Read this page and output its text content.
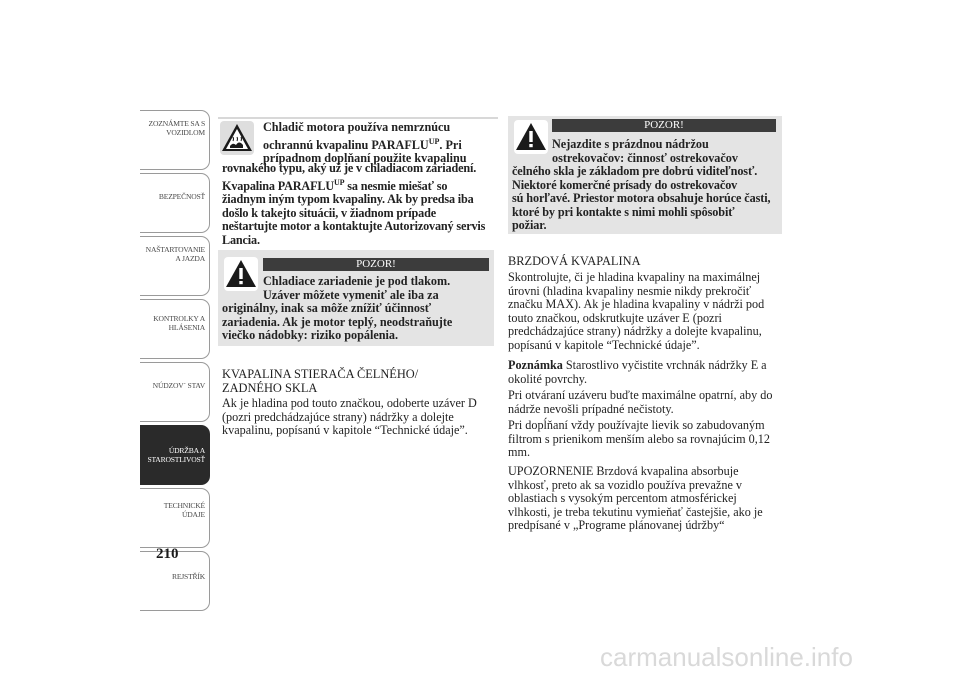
ZOZNÁMTE SA S
VOZIDLOM
BEZPEČNOSŤ
NAŠTARTOVANIE
A JAZDA
KONTROLKY A
HLÁSENIA
NÚDZOV´ STAV
ÚDRŽBA A
STAROSTLIVOSŤ
TECHNICKÉ
ÚDAJE
REJSTŘÍK
210
Chladič motora používa nemrznúcu
ochrannú kvapalinu $PARAFLU^{UP}$. Pri
prípadnom doplňaní použite kvapalinu
rovnakého typu, aký už je v chladiacom zariadení.
Kvapalina $PARAFLU^{UP}$ sa nesmie miešať so
žiadnym iným typom kvapaliny. Ak by predsa iba
došlo k takejto situácii, v žiadnom prípade
neštartujte motor a kontaktujte Autorizovaný servis
Lancia.
POZOR!
Chladiace zariadenie je pod tlakom.
Uzáver môžete vymeniť ale iba za
originálny, inak sa môže znížiť účinnosť
zariadenia. Ak je motor teplý, neodstraňujte
viečko nádobky: riziko popálenia.
KVAPALINA STIERAČA ČELNÉHO/
ZADNÉHO SKLA
Ak je hladina pod touto značkou, odoberte uzáver D
(pozri predchádzajúce strany) nádržky a dolejte
kvapalinu, popísanú v kapitole “Technické údaje”.
POZOR!
Nejazdite s prázdnou nádržou
ostrekovačov: činnosť ostrekovačov
čelného skla je základom pre dobrú viditeľnosť.
Niektoré komerčné prísady do ostrekovačov
sú horľavé. Priestor motora obsahuje horúce časti,
ktoré by pri kontakte s nimi mohli spôsobiť
požiar.
BRZDOVÁ KVAPALINA
Skontrolujte, či je hladina kvapaliny na maximálnej
úrovni (hladina kvapaliny nesmie nikdy prekročiť
značku MAX). Ak je hladina kvapaliny v nádrži pod
touto značkou, odskrutkujte uzáver E (pozri
predchádzajúce strany) nádržky a dolejte kvapalinu,
popísanú v kapitole “Technické údaje”.
Poznámka Starostlivo vyčistite vrchnák nádržky E a
okolité povrchy.
Pri otváraní uzáveru buďte maximálne opatrní, aby do
nádrže nevošli prípadné nečistoty.
Pri dopĺňaní vždy používajte lievik so zabudovaným
filtrom s prienikom menším alebo sa rovnajúcim 0,12
mm.
UPOZORNENIE Brzdová kvapalina absorbuje
vlhkosť, preto ak sa vozidlo používa prevažne v
oblastiach s vysokým percentom atmosférickej
vlhkosti, je treba tekutinu vymieňať častejšie, ako je
predpísané v „Programe plánovanej údržby“
carmanualsonline.info
